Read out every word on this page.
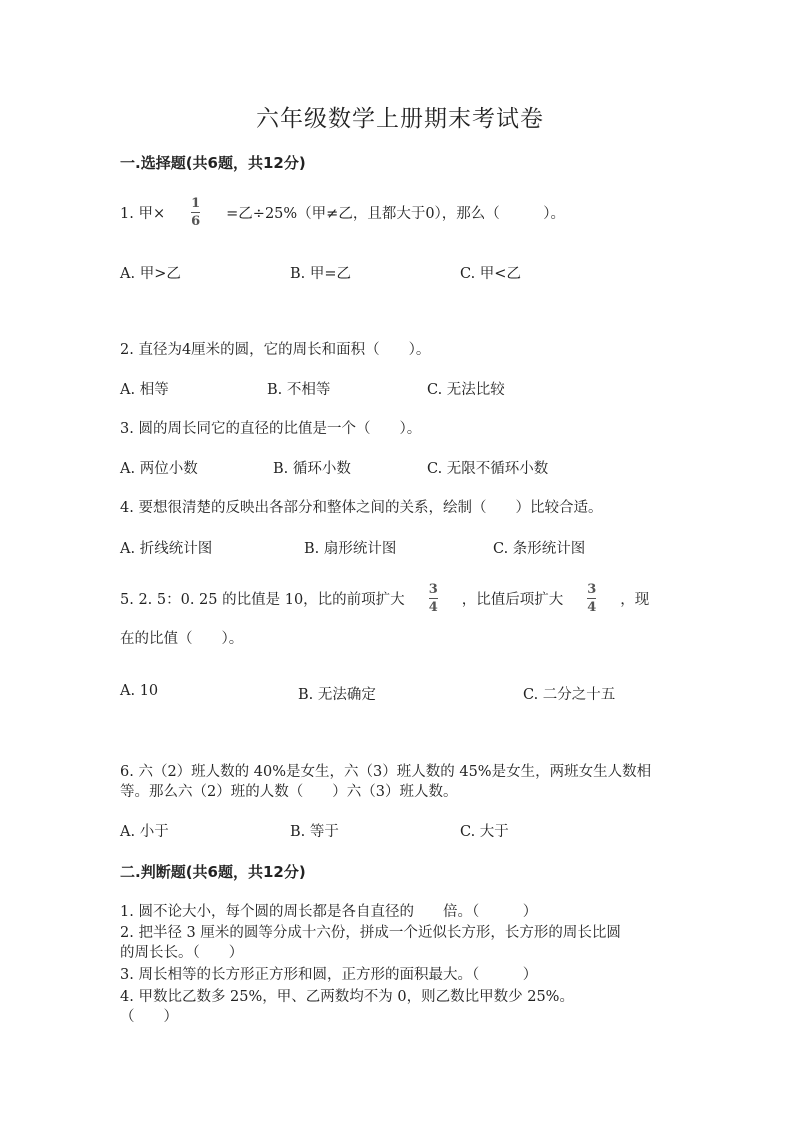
六年级数学上册期末考试卷
一.选择题(共6题，共12分)
1. 甲× $\frac{1}{6}$ =乙÷25%（甲≠乙，且都大于0），那么（　　　）。
A. 甲>乙	B. 甲=乙	C. 甲<乙
2. 直径为4厘米的圆，它的周长和面积（　　）。
A. 相等	B. 不相等	C. 无法比较
3. 圆的周长同它的直径的比值是一个（　　）。
A. 两位小数	B. 循环小数	C. 无限不循环小数
4. 要想很清楚的反映出各部分和整体之间的关系，绘制（　　）比较合适。
A. 折线统计图	B. 扇形统计图	C. 条形统计图
5. 2. 5：0. 25 的比值是 10，比的前项扩大 $\frac{3}{4}$ ，比值后项扩大 $\frac{3}{4}$ ，现
在的比值（　　）。
A. 10	B. 无法确定	C. 二分之十五
6. 六（2）班人数的 40%是女生，六（3）班人数的 45%是女生，两班女生人数相
等。那么六（2）班的人数（　　）六（3）班人数。
A. 小于	B. 等于	C. 大于
二.判断题(共6题，共12分)
1. 圆不论大小，每个圆的周长都是各自直径的　　倍。（　　　）
2. 把半径 3 厘米的圆等分成十六份，拼成一个近似长方形，长方形的周长比圆
的周长长。（　　）
3. 周长相等的长方形正方形和圆，正方形的面积最大。（　　　）
4. 甲数比乙数多 25%，甲、乙两数均不为 0，则乙数比甲数少 25%。
（　　）
